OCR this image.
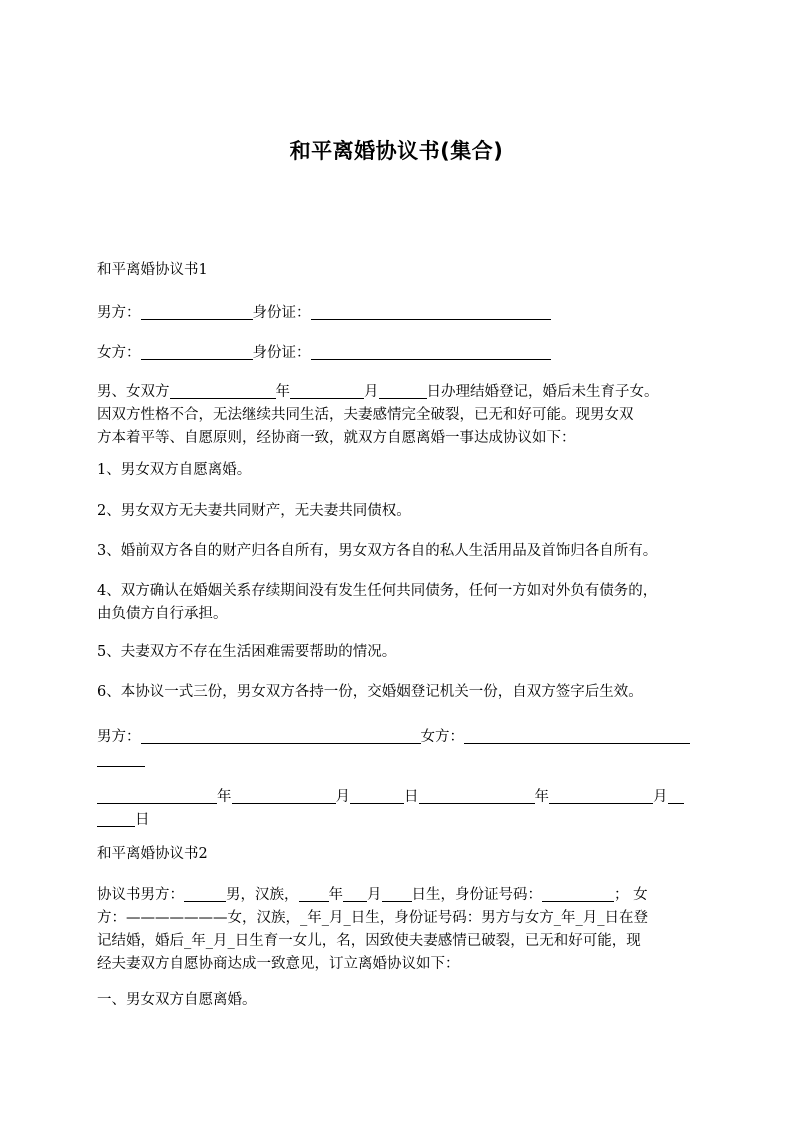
和平离婚协议书(集合)
和平离婚协议书1
男方：	身份证：
女方：	身份证：
男、女双方	年	月	日办理结婚登记，婚后未生育子女。
因双方性格不合，无法继续共同生活，夫妻感情完全破裂，已无和好可能。现男女双
方本着平等、自愿原则，经协商一致，就双方自愿离婚一事达成协议如下：
1、男女双方自愿离婚。
2、男女双方无夫妻共同财产，无夫妻共同债权。
3、婚前双方各自的财产归各自所有，男女双方各自的私人生活用品及首饰归各自所有。
4、双方确认在婚姻关系存续期间没有发生任何共同债务，任何一方如对外负有债务的，
由负债方自行承担。
5、夫妻双方不存在生活困难需要帮助的情况。
6、本协议一式三份，男女双方各持一份，交婚姻登记机关一份，自双方签字后生效。
男方：	女方：
年	月	日	年	月
日
和平离婚协议书2
协议书男方：	男，汉族， 年 月 日生，身份证号码：	； 女
方：———————女，汉族，_年_月_日生，身份证号码：男方与女方_年_月_日在登
记结婚，婚后_年_月_日生育一女儿，名，因致使夫妻感情已破裂，已无和好可能，现
经夫妻双方自愿协商达成一致意见，订立离婚协议如下：
一、男女双方自愿离婚。
